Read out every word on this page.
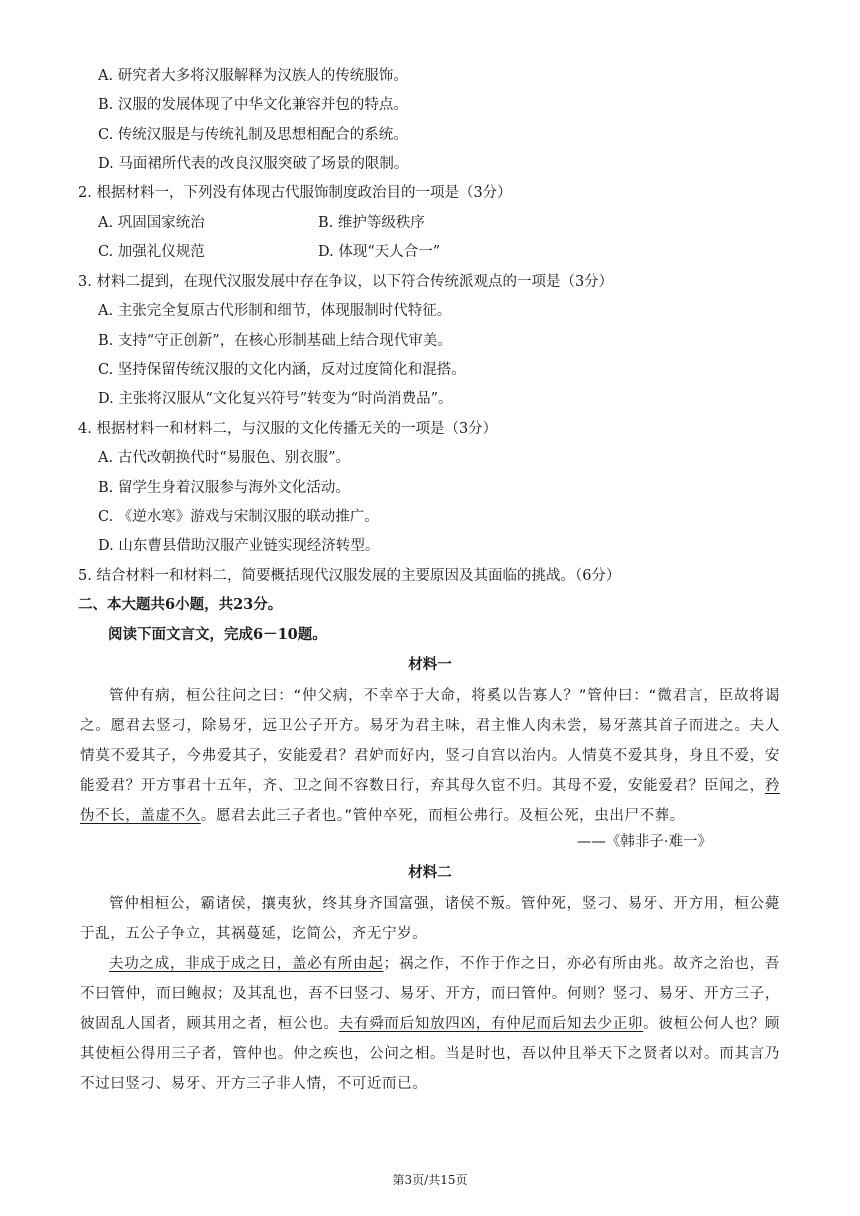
A. 研究者大多将汉服解释为汉族人的传统服饰。
B. 汉服的发展体现了中华文化兼容并包的特点。
C. 传统汉服是与传统礼制及思想相配合的系统。
D. 马面裙所代表的改良汉服突破了场景的限制。
2. 根据材料一，下列没有体现古代服饰制度政治目的一项是（3分）
A. 巩固国家统治	B. 维护等级秩序
C. 加强礼仪规范	D. 体现“天人合一”
3. 材料二提到，在现代汉服发展中存在争议，以下符合传统派观点的一项是（3分）
A. 主张完全复原古代形制和细节，体现服制时代特征。
B. 支持“守正创新”，在核心形制基础上结合现代审美。
C. 坚持保留传统汉服的文化内涵，反对过度简化和混搭。
D. 主张将汉服从“文化复兴符号”转变为“时尚消费品”。
4. 根据材料一和材料二，与汉服的文化传播无关的一项是（3分）
A. 古代改朝换代时“易服色、别衣服”。
B. 留学生身着汉服参与海外文化活动。
C. 《逆水寒》游戏与宋制汉服的联动推广。
D. 山东曹县借助汉服产业链实现经济转型。
5. 结合材料一和材料二，简要概括现代汉服发展的主要原因及其面临的挑战。（6分）
二、本大题共6小题，共23分。
阅读下面文言文，完成6－10题。
材料一
管仲有病，桓公往问之曰：“仲父病，不幸卒于大命，将奚以告寡人？”管仲曰：“微君言，臣故将谒之。愿君去竖刁，除易牙，远卫公子开方。易牙为君主味，君主惟人肉未尝，易牙蒸其首子而进之。夫人情莫不爱其子，今弗爱其子，安能爱君？君妒而好内，竖刁自宫以治内。人情莫不爱其身，身且不爱，安能爱君？开方事君十五年，齐、卫之间不容数日行，弃其母久宦不归。其母不爱，安能爱君？臣闻之，矜伪不长，盖虚不久。愿君去此三子者也。”管仲卒死，而桓公弗行。及桓公死，虫出尸不葬。
——《韩非子·难一》
材料二
管仲相桓公，霸诸侯，攘夷狄，终其身齐国富强，诸侯不叛。管仲死，竖刁、易牙、开方用，桓公薨于乱，五公子争立，其祸蔓延，讫简公，齐无宁岁。
夫功之成，非成于成之日，盖必有所由起；祸之作，不作于作之日，亦必有所由兆。故齐之治也，吾不曰管仲，而曰鲍叔；及其乱也，吾不曰竖刁、易牙、开方，而曰管仲。何则？竖刁、易牙、开方三子，彼固乱人国者，顾其用之者，桓公也。夫有舜而后知放四凶，有仲尼而后知去少正卯。彼桓公何人也？顾其使桓公得用三子者，管仲也。仲之疾也，公问之相。当是时也，吾以仲且举天下之贤者以对。而其言乃不过曰竖刁、易牙、开方三子非人情，不可近而已。
第3页/共15页
